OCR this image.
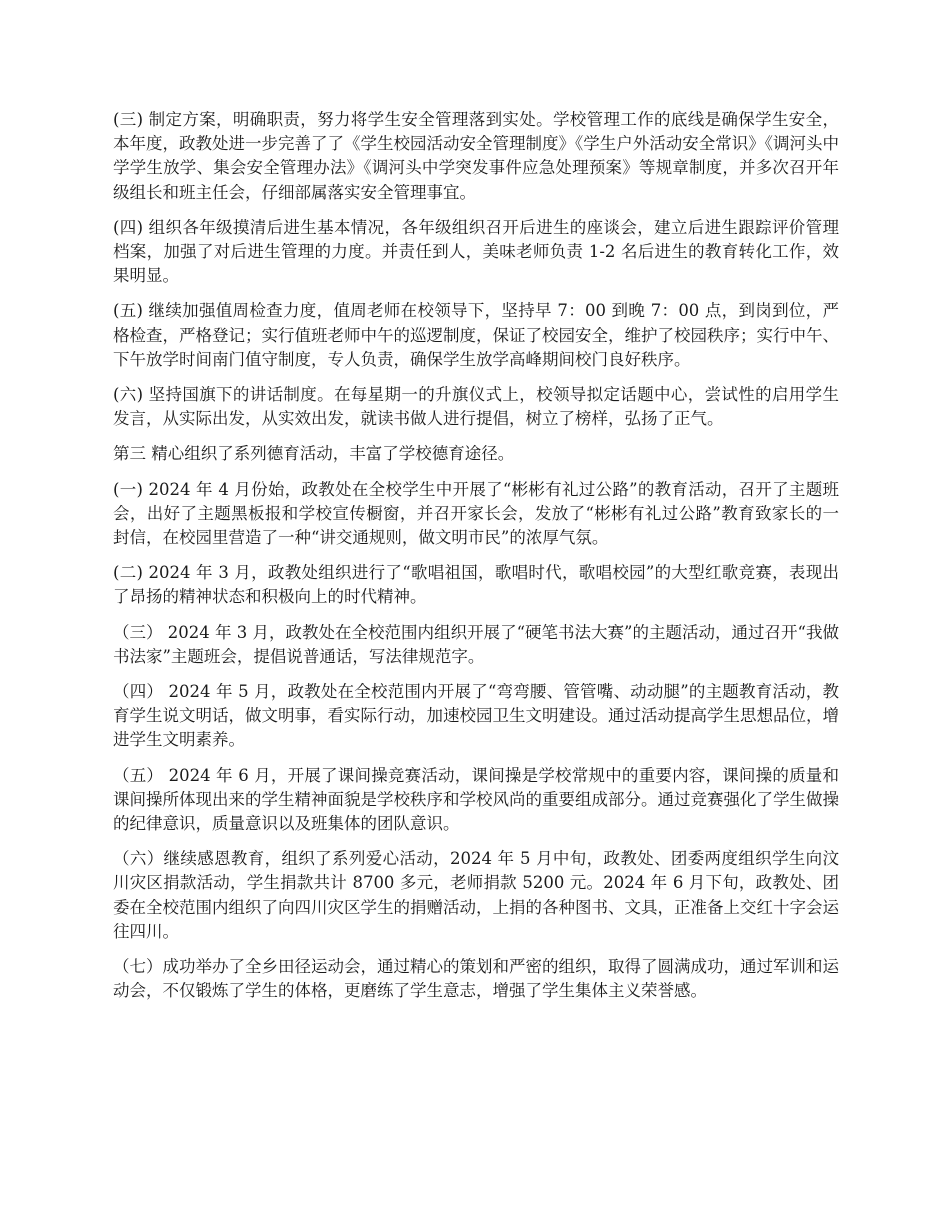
(三) 制定方案，明确职责，努力将学生安全管理落到实处。学校管理工作的底线是确保学生安全，本年度，政教处进一步完善了了《学生校园活动安全管理制度》《学生户外活动安全常识》《调河头中学学生放学、集会安全管理办法》《调河头中学突发事件应急处理预案》等规章制度，并多次召开年级组长和班主任会，仔细部属落实安全管理事宜。

(四) 组织各年级摸清后进生基本情况，各年级组织召开后进生的座谈会，建立后进生跟踪评价管理档案，加强了对后进生管理的力度。并责任到人，美味老师负责 1-2 名后进生的教育转化工作，效果明显。

(五) 继续加强值周检查力度，值周老师在校领导下，坚持早 7：00 到晚 7：00 点，到岗到位，严格检查，严格登记；实行值班老师中午的巡逻制度，保证了校园安全，维护了校园秩序；实行中午、下午放学时间南门值守制度，专人负责，确保学生放学高峰期间校门良好秩序。

(六) 坚持国旗下的讲话制度。在每星期一的升旗仪式上，校领导拟定话题中心，尝试性的启用学生发言，从实际出发，从实效出发，就读书做人进行提倡，树立了榜样，弘扬了正气。

第三 精心组织了系列德育活动，丰富了学校德育途径。

(一) 2024 年 4 月份始，政教处在全校学生中开展了“彬彬有礼过公路”的教育活动，召开了主题班会，出好了主题黑板报和学校宣传橱窗，并召开家长会，发放了“彬彬有礼过公路”教育致家长的一封信，在校园里营造了一种“讲交通规则，做文明市民”的浓厚气氛。

(二) 2024 年 3 月，政教处组织进行了“歌唱祖国，歌唱时代，歌唱校园”的大型红歌竞赛，表现出了昂扬的精神状态和积极向上的时代精神。

（三） 2024 年 3 月，政教处在全校范围内组织开展了“硬笔书法大赛”的主题活动，通过召开“我做书法家”主题班会，提倡说普通话，写法律规范字。

（四） 2024 年 5 月，政教处在全校范围内开展了“弯弯腰、管管嘴、动动腿”的主题教育活动，教育学生说文明话，做文明事，看实际行动，加速校园卫生文明建设。通过活动提高学生思想品位，增进学生文明素养。

（五） 2024 年 6 月，开展了课间操竞赛活动，课间操是学校常规中的重要内容，课间操的质量和课间操所体现出来的学生精神面貌是学校秩序和学校风尚的重要组成部分。通过竞赛强化了学生做操的纪律意识，质量意识以及班集体的团队意识。

（六）继续感恩教育，组织了系列爱心活动，2024 年 5 月中旬，政教处、团委两度组织学生向汶川灾区捐款活动，学生捐款共计 8700 多元，老师捐款 5200 元。2024 年 6 月下旬，政教处、团委在全校范围内组织了向四川灾区学生的捐赠活动，上捐的各种图书、文具，正准备上交红十字会运往四川。

（七）成功举办了全乡田径运动会，通过精心的策划和严密的组织，取得了圆满成功，通过军训和运动会，不仅锻炼了学生的体格，更磨练了学生意志，增强了学生集体主义荣誉感。
